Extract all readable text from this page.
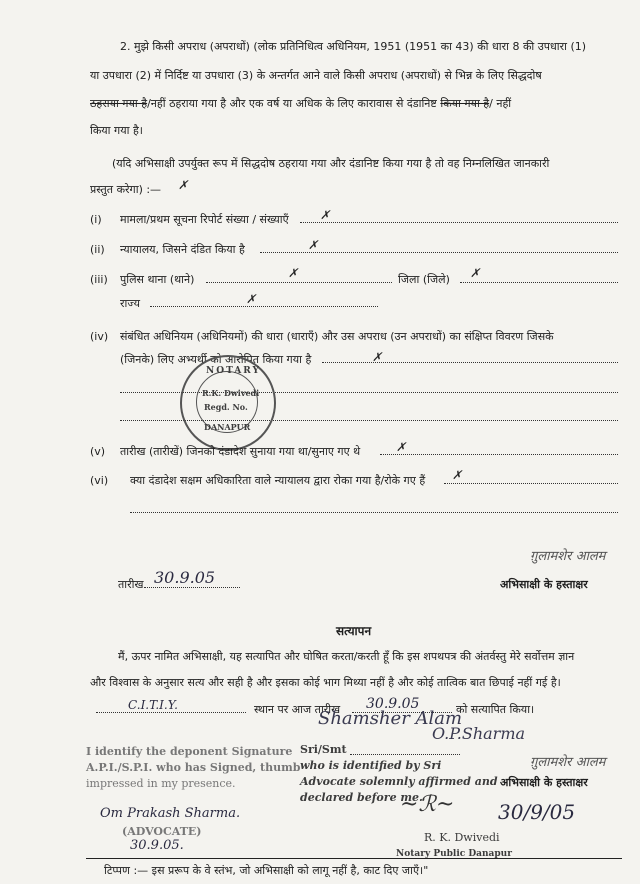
2. मुझे किसी अपराध (अपराधों) (लोक प्रतिनिधित्व अधिनियम, 1951 (1951 का 43) की धारा 8 की उपधारा (1)
या उपधारा (2) में निर्दिष्ट या उपधारा (3) के अन्तर्गत आने वाले किसी अपराध (अपराधों) से भिन्न के लिए सिद्धदोष
ठहराया गया है/नहीं ठहराया गया है और एक वर्ष या अधिक के लिए कारावास से दंडानिष्ट किया गया है/ नहीं
किया गया है।
(यदि अभिसाक्षी उपर्युक्त रूप में सिद्धदोष ठहराया गया और दंडानिष्ट किया गया है तो वह निम्नलिखित जानकारी
प्रस्तुत करेगा) :— ✗
(i) मामला/प्रथम सूचना रिपोर्ट संख्या / संख्याएँ	✗
(ii) न्यायालय, जिसने दंडित किया है	✗
(iii) पुलिस थाना (थाने)	✗	जिला (जिले) ✗
राज्य	✗
(iv) संबंधित अधिनियम (अधिनियमों) की धारा (धाराएँ) और उस अपराध (उन अपराधों) का संक्षिप्त विवरण जिसके
(जिनके) लिए अभ्यर्थी को आरोपित किया गया है	✗
NOTARY
R.K. Dwivedi
Regd. No.
DANAPUR
(v) तारीख (तारीखें) जिनको दंडादेश सुनाया गया था/सुनाए गए थे	✗
(vi) क्या दंडादेश सक्षम अधिकारिता वाले न्यायालय द्वारा रोका गया है/रोके गए हैं ✗
ग़ुलामशेर आलम
तारीख 30.9.05	अभिसाक्षी के हस्ताक्षर
सत्यापन
मैं, ऊपर नामित अभिसाक्षी, यह सत्यापित और घोषित करता/करती हूँ कि इस शपथपत्र की अंतर्वस्तु मेरे सर्वोत्तम ज्ञान
और विश्वास के अनुसार सत्य और सही है और इसका कोई भाग मिथ्या नहीं है और कोई तात्विक बात छिपाई नहीं गई है।
C.I.T.I.Y.	स्थान पर आज तारीख 30.9.05	को सत्यापित किया।
Shamsher Alam
O.P.Sharma
Sri/Smt
who is identified by Sri
Advocate solemnly affirmed and
declared before me.
ग़ुलामशेर आलम
अभिसाक्षी के हस्ताक्षर
I identify the deponent Signature
A.P.I./S.P.I. who has Signed, thumb
impressed in my presence.
Om Prakash Sharma.
(ADVOCATE)
30.9.05.
~ℛ~ 30/9/05
R. K. Dwivedi
Notary Public Danapur
टिप्पण :— इस प्ररूप के वे स्तंभ, जो अभिसाक्षी को लागू नहीं है, काट दिए जाएँ।"
